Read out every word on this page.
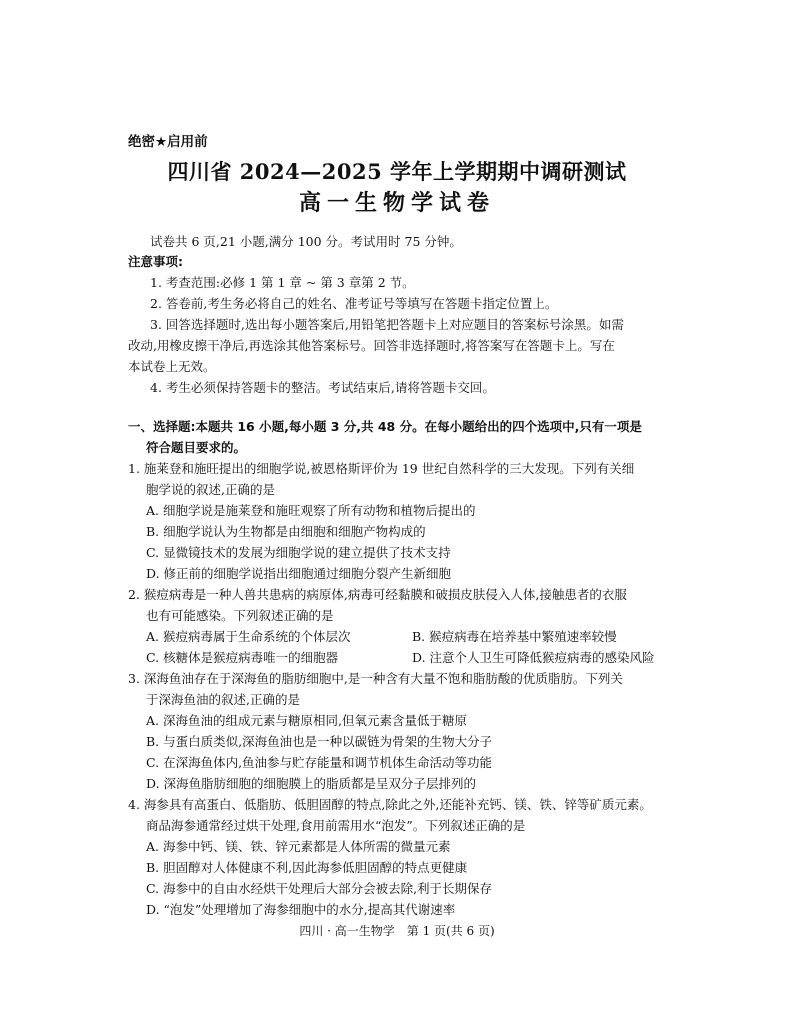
绝密★启用前
四川省 2024—2025 学年上学期期中调研测试
高一生物学试卷
试卷共 6 页,21 小题,满分 100 分。考试用时 75 分钟。
注意事项:
1. 考查范围:必修 1 第 1 章 ~ 第 3 章第 2 节。
2. 答卷前,考生务必将自己的姓名、准考证号等填写在答题卡指定位置上。
3. 回答选择题时,选出每小题答案后,用铅笔把答题卡上对应题目的答案标号涂黑。如需
改动,用橡皮擦干净后,再选涂其他答案标号。回答非选择题时,将答案写在答题卡上。写在
本试卷上无效。
4. 考生必须保持答题卡的整洁。考试结束后,请将答题卡交回。
一、选择题:本题共 16 小题,每小题 3 分,共 48 分。在每小题给出的四个选项中,只有一项是
符合题目要求的。
1. 施莱登和施旺提出的细胞学说,被恩格斯评价为 19 世纪自然科学的三大发现。下列有关细
胞学说的叙述,正确的是
A. 细胞学说是施莱登和施旺观察了所有动物和植物后提出的
B. 细胞学说认为生物都是由细胞和细胞产物构成的
C. 显微镜技术的发展为细胞学说的建立提供了技术支持
D. 修正前的细胞学说指出细胞通过细胞分裂产生新细胞
2. 猴痘病毒是一种人兽共患病的病原体,病毒可经黏膜和破损皮肤侵入人体,接触患者的衣服
也有可能感染。下列叙述正确的是
A. 猴痘病毒属于生命系统的个体层次	B. 猴痘病毒在培养基中繁殖速率较慢
C. 核糖体是猴痘病毒唯一的细胞器	D. 注意个人卫生可降低猴痘病毒的感染风险
3. 深海鱼油存在于深海鱼的脂肪细胞中,是一种含有大量不饱和脂肪酸的优质脂肪。下列关
于深海鱼油的叙述,正确的是
A. 深海鱼油的组成元素与糖原相同,但氧元素含量低于糖原
B. 与蛋白质类似,深海鱼油也是一种以碳链为骨架的生物大分子
C. 在深海鱼体内,鱼油参与贮存能量和调节机体生命活动等功能
D. 深海鱼脂肪细胞的细胞膜上的脂质都是呈双分子层排列的
4. 海参具有高蛋白、低脂肪、低胆固醇的特点,除此之外,还能补充钙、镁、铁、锌等矿质元素。
商品海参通常经过烘干处理,食用前需用水“泡发”。下列叙述正确的是
A. 海参中钙、镁、铁、锌元素都是人体所需的微量元素
B. 胆固醇对人体健康不利,因此海参低胆固醇的特点更健康
C. 海参中的自由水经烘干处理后大部分会被去除,利于长期保存
D. “泡发”处理增加了海参细胞中的水分,提高其代谢速率
四川 · 高一生物学　第 1 页(共 6 页)
